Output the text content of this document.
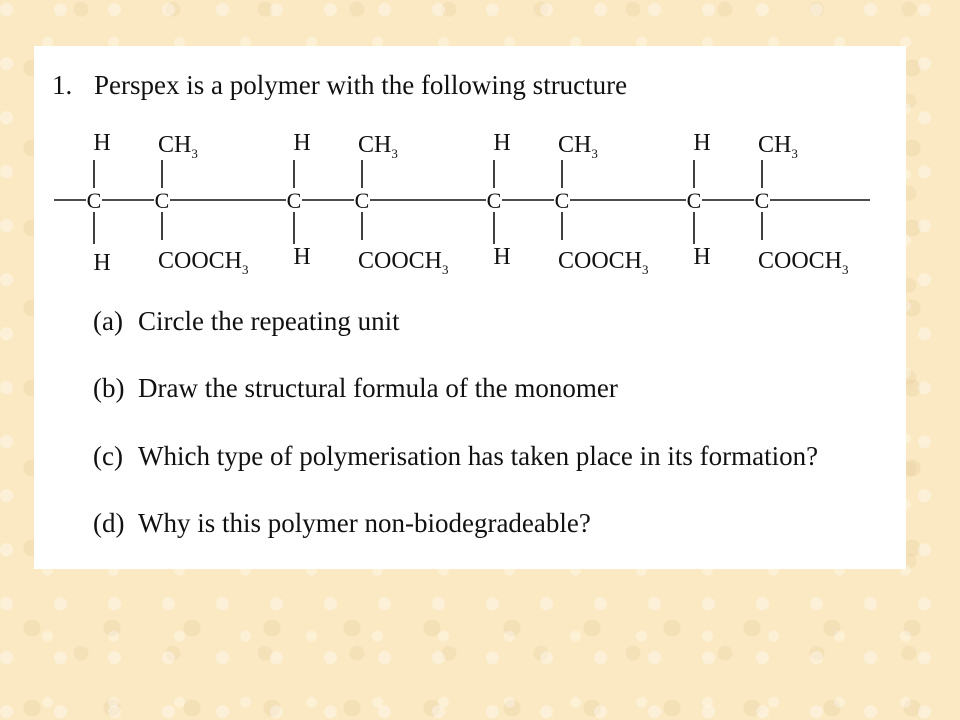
1. Perspex is a polymer with the following structure
C C
H
H
$CH_3$
$COOCH_3$
C C
H
H
$CH_3$
$COOCH_3$
C C
H
H
$CH_3$
$COOCH_3$
C C
H
H
$CH_3$
$COOCH_3$
(a) Circle the repeating unit
(b) Draw the structural formula of the monomer
(c) Which type of polymerisation has taken place in its formation?
(d) Why is this polymer non-biodegradeable?
